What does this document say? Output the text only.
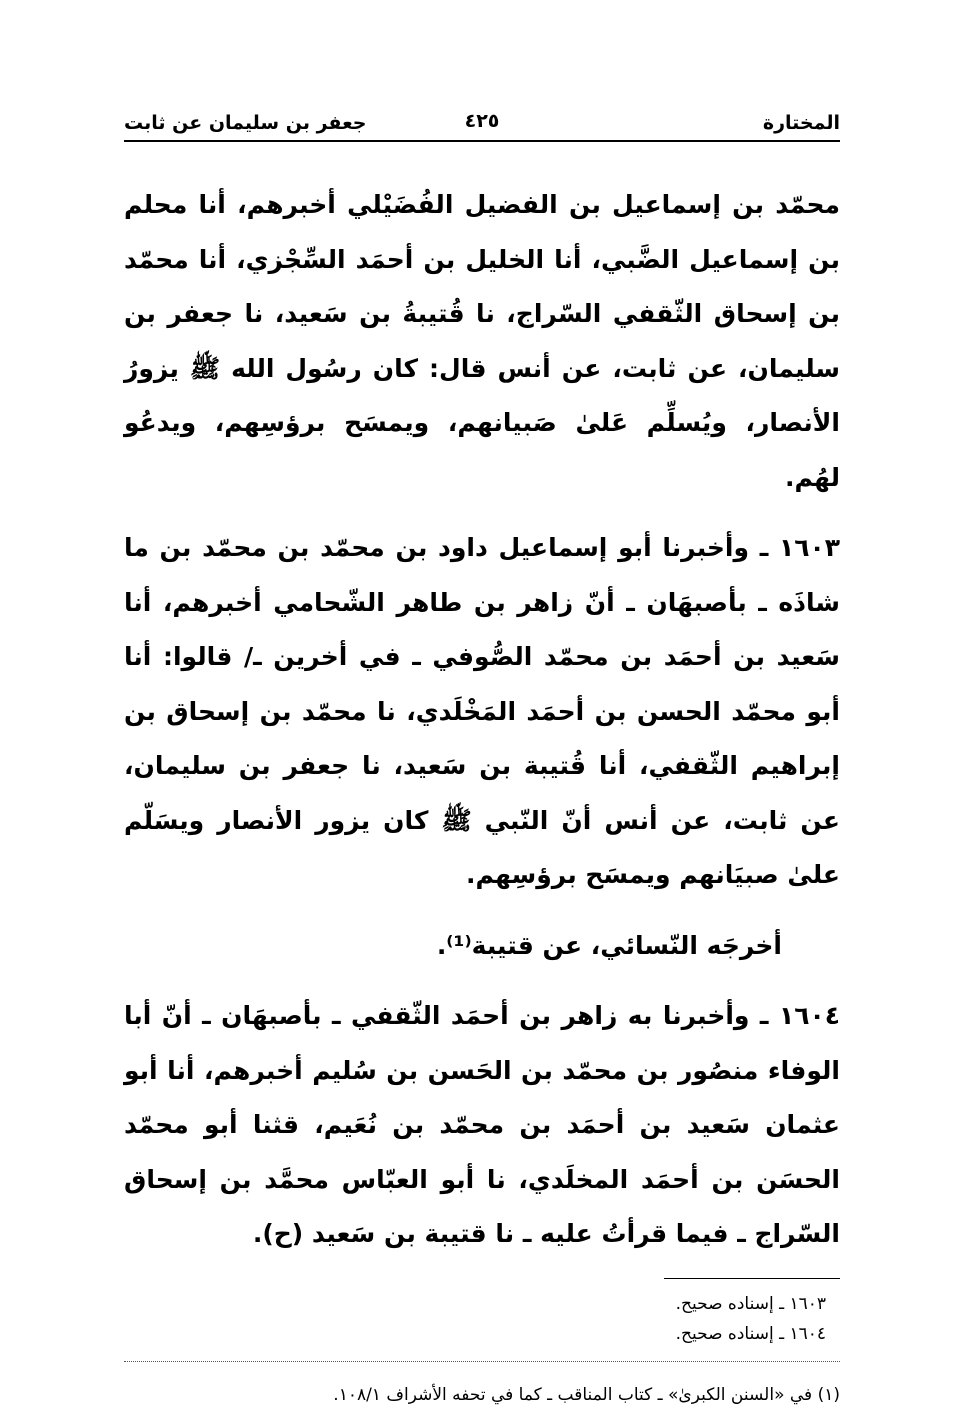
المختارة
٤٢٥
جعفر بن سليمان عن ثابت

محمّد بن إسماعيل بن الفضيل الفُضَيْلي أخبرهم، أنا محلم بن إسماعيل الضَّبي، أنا الخليل بن أحمَد السِّجْزي، أنا محمّد بن إسحاق الثّقفي السّراج، نا قُتيبةُ بن سَعيد، نا جعفر بن سليمان، عن ثابت، عن أنس قال: كان رسُول الله ﷺ يزورُ الأنصار، ويُسلِّم عَلىٰ صَبيانهم، ويمسَح برؤسِهم، ويدعُو لهُم.

١٦٠٣ ـ وأخبرنا أبو إسماعيل داود بن محمّد بن محمّد بن ما شاذَه ـ بأصبهَان ـ أنّ زاهر بن طاهر الشّحامي أخبرهم، أنا سَعيد بن أحمَد بن محمّد الصُّوفي ـ في أخرين ـ/ قالوا: أنا أبو محمّد الحسن بن أحمَد المَخْلَدي، نا محمّد بن إسحاق بن إبراهيم الثّقفي، أنا قُتيبة بن سَعيد، نا جعفر بن سليمان، عن ثابت، عن أنس أنّ النّبي ﷺ كان يزور الأنصار ويسَلّم علىٰ صبيَانهم ويمسَح برؤسِهم.

أخرجَه النّسائي، عن قتيبة⁽¹⁾.

١٦٠٤ ـ وأخبرنا به زاهر بن أحمَد الثّقفي ـ بأصبهَان ـ أنّ أبا الوفاء منصُور بن محمّد بن الحَسن بن سُليم أخبرهم، أنا أبو عثمان سَعيد بن أحمَد بن محمّد بن نُعَيم، قثنا أبو محمّد الحسَن بن أحمَد المخلَدي، نا أبو العبّاس محمَّد بن إسحاق السّراج ـ فيما قرأتُ عليه ـ نا قتيبة بن سَعيد (ح).

١٦٠٣ ـ إسناده صحيح.

١٦٠٤ ـ إسناده صحيح.

(١) في «السنن الكبرىٰ» ـ كتاب المناقب ـ كما في تحفه الأشراف ١٠٨/١.
